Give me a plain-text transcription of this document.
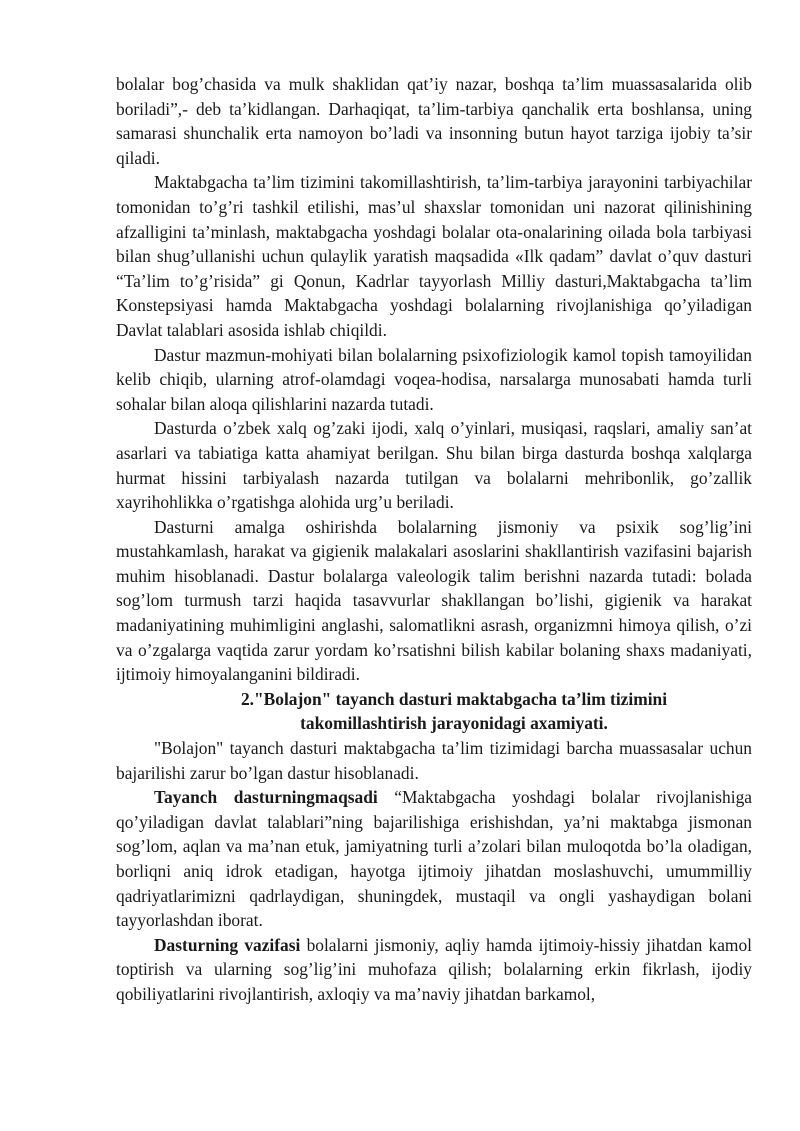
bolalar bog’chasida va mulk shaklidan qat’iy nazar, boshqa ta’lim muassasalarida olib boriladi”,- deb ta’kidlangan. Darhaqiqat, ta’lim-tarbiya qanchalik erta boshlansa, uning samarasi shunchalik erta namoyon bo’ladi va insonning butun hayot tarziga ijobiy ta’sir qiladi.

Maktabgacha ta’lim tizimini takomillashtirish, ta’lim-tarbiya jarayonini tarbiyachilar tomonidan to’g’ri tashkil etilishi, mas’ul shaxslar tomonidan uni nazorat qilinishining afzalligini ta’minlash, maktabgacha yoshdagi bolalar ota-onalarining oilada bola tarbiyasi bilan shug’ullanishi uchun qulaylik yaratish maqsadida «Ilk qadam” davlat o’quv dasturi “Ta’lim to’g’risida” gi Qonun, Kadrlar tayyorlash Milliy dasturi,Maktabgacha ta’lim Konstepsiyasi hamda Maktabgacha yoshdagi bolalarning rivojlanishiga qo’yiladigan Davlat talablari asosida ishlab chiqildi.

Dastur mazmun-mohiyati bilan bolalarning psixofiziologik kamol topish tamoyilidan kelib chiqib, ularning atrof-olamdagi voqea-hodisa, narsalarga munosabati hamda turli sohalar bilan aloqa qilishlarini nazarda tutadi.

Dasturda o’zbek xalq og’zaki ijodi, xalq o’yinlari, musiqasi, raqslari, amaliy san’at asarlari va tabiatiga katta ahamiyat berilgan. Shu bilan birga dasturda boshqa xalqlarga hurmat hissini tarbiyalash nazarda tutilgan va bolalarni mehribonlik, go’zallik xayrihohlikka o’rgatishga alohida urg’u beriladi.

Dasturni amalga oshirishda bolalarning jismoniy va psixik sog’lig’ini mustahkamlash, harakat va gigienik malakalari asoslarini shakllantirish vazifasini bajarish muhim hisoblanadi. Dastur bolalarga valeologik talim berishni nazarda tutadi: bolada sog’lom turmush tarzi haqida tasavvurlar shakllangan bo’lishi, gigienik va harakat madaniyatining muhimligini anglashi, salomatlikni asrash, organizmni himoya qilish, o’zi va o’zgalarga vaqtida zarur yordam ko’rsatishni bilish kabilar bolaning shaxs madaniyati, ijtimoiy himoyalanganini bildiradi.

2."Bolajon" tayanch dasturi maktabgacha ta’lim tizimini
takomillashtirish jarayonidagi axamiyati.

"Bolajon" tayanch dasturi maktabgacha ta’lim tizimidagi barcha muassasalar uchun bajarilishi zarur bo’lgan dastur hisoblanadi.

Tayanch dasturningmaqsadi “Maktabgacha yoshdagi bolalar rivojlanishiga qo’yiladigan davlat talablari”ning bajarilishiga erishishdan, ya’ni maktabga jismonan sog’lom, aqlan va ma’nan etuk, jamiyatning turli a’zolari bilan muloqotda bo’la oladigan, borliqni aniq idrok etadigan, hayotga ijtimoiy jihatdan moslashuvchi, umummilliy qadriyatlarimizni qadrlaydigan, shuningdek, mustaqil va ongli yashaydigan bolani tayyorlashdan iborat.

Dasturning vazifasi bolalarni jismoniy, aqliy hamda ijtimoiy-hissiy jihatdan kamol toptirish va ularning sog’lig’ini muhofaza qilish; bolalarning erkin fikrlash, ijodiy qobiliyatlarini rivojlantirish, axloqiy va ma’naviy jihatdan barkamol,
